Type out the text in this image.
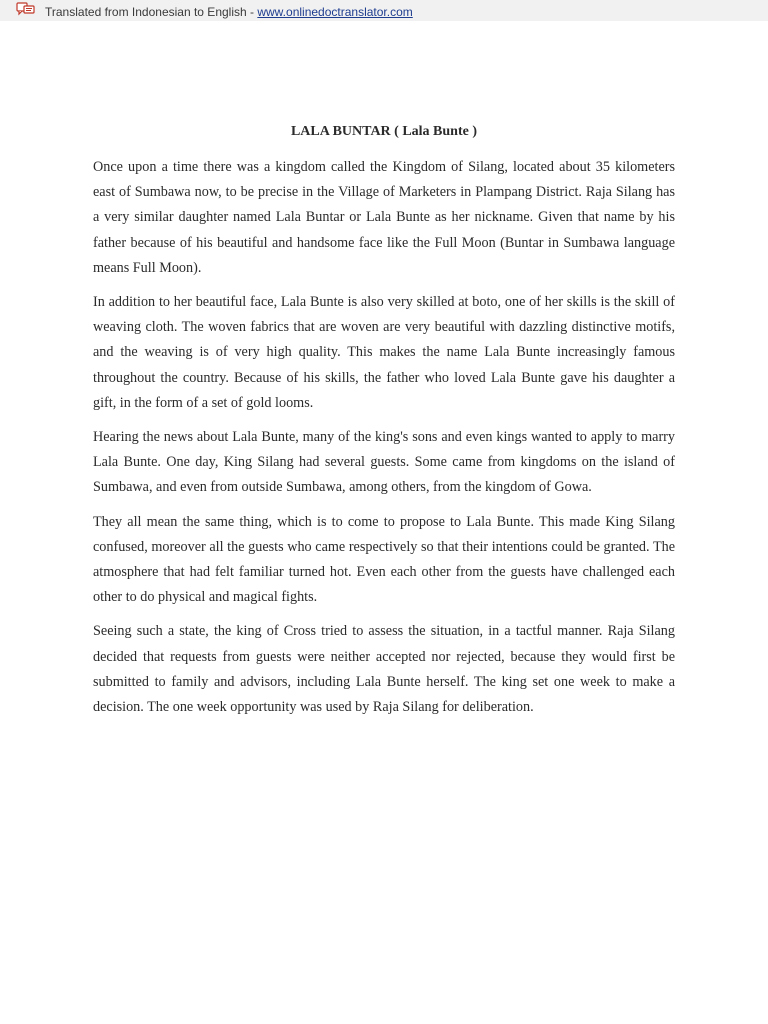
Translated from Indonesian to English - www.onlinedoctranslator.com
LALA BUNTAR ( Lala Bunte )

Once upon a time there was a kingdom called the Kingdom of Silang, located about 35 kilometers east of Sumbawa now, to be precise in the Village of Marketers in Plampang District. Raja Silang has a very similar daughter named Lala Buntar or Lala Bunte as her nickname. Given that name by his father because of his beautiful and handsome face like the Full Moon (Buntar in Sumbawa language means Full Moon).

In addition to her beautiful face, Lala Bunte is also very skilled at boto, one of her skills is the skill of weaving cloth. The woven fabrics that are woven are very beautiful with dazzling distinctive motifs, and the weaving is of very high quality. This makes the name Lala Bunte increasingly famous throughout the country. Because of his skills, the father who loved Lala Bunte gave his daughter a gift, in the form of a set of gold looms.

Hearing the news about Lala Bunte, many of the king's sons and even kings wanted to apply to marry Lala Bunte. One day, King Silang had several guests. Some came from kingdoms on the island of Sumbawa, and even from outside Sumbawa, among others, from the kingdom of Gowa.

They all mean the same thing, which is to come to propose to Lala Bunte. This made King Silang confused, moreover all the guests who came respectively so that their intentions could be granted. The atmosphere that had felt familiar turned hot. Even each other from the guests have challenged each other to do physical and magical fights.

Seeing such a state, the king of Cross tried to assess the situation, in a tactful manner. Raja Silang decided that requests from guests were neither accepted nor rejected, because they would first be submitted to family and advisors, including Lala Bunte herself. The king set one week to make a decision. The one week opportunity was used by Raja Silang for deliberation.
